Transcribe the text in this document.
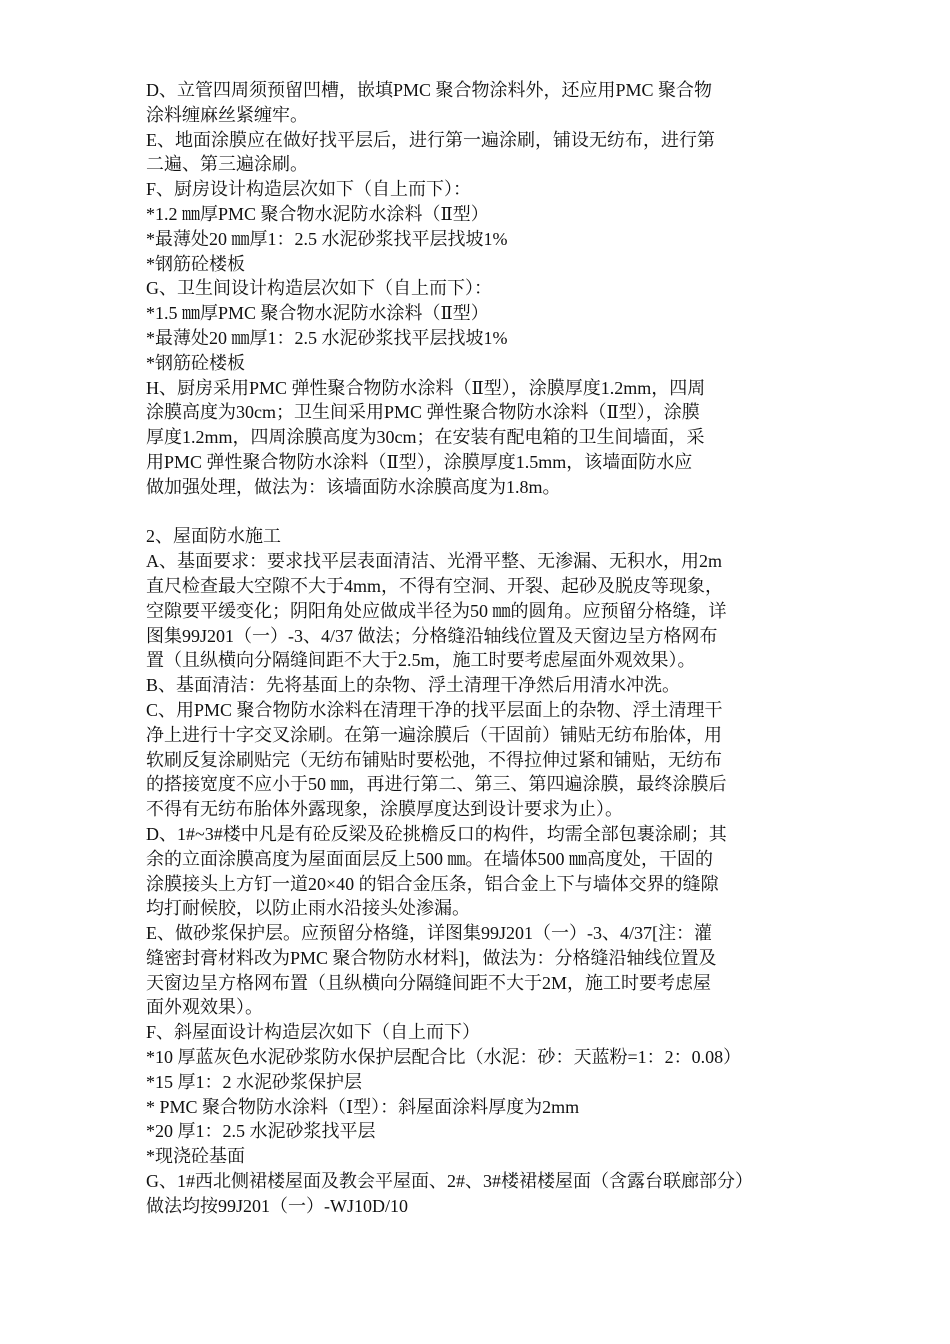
D、立管四周须预留凹槽，嵌填PMC 聚合物涂料外，还应用PMC 聚合物
涂料缠麻丝紧缠牢。
E、地面涂膜应在做好找平层后，进行第一遍涂刷，铺设无纺布，进行第
二遍、第三遍涂刷。
F、厨房设计构造层次如下（自上而下）：
*1.2 ㎜厚PMC 聚合物水泥防水涂料（Ⅱ型）
*最薄处20 ㎜厚1：2.5 水泥砂浆找平层找坡1%
*钢筋砼楼板
G、卫生间设计构造层次如下（自上而下）：
*1.5 ㎜厚PMC 聚合物水泥防水涂料（Ⅱ型）
*最薄处20 ㎜厚1：2.5 水泥砂浆找平层找坡1%
*钢筋砼楼板
H、厨房采用PMC 弹性聚合物防水涂料（Ⅱ型），涂膜厚度1.2mm，四周
涂膜高度为30cm；卫生间采用PMC 弹性聚合物防水涂料（Ⅱ型），涂膜
厚度1.2mm，四周涂膜高度为30cm；在安装有配电箱的卫生间墙面，采
用PMC 弹性聚合物防水涂料（Ⅱ型），涂膜厚度1.5mm，该墙面防水应
做加强处理，做法为：该墙面防水涂膜高度为1.8m。
2、屋面防水施工
A、基面要求：要求找平层表面清洁、光滑平整、无渗漏、无积水，用2m
直尺检查最大空隙不大于4mm，不得有空洞、开裂、起砂及脱皮等现象，
空隙要平缓变化；阴阳角处应做成半径为50 ㎜的圆角。应预留分格缝，详
图集99J201（一）-3、4/37 做法；分格缝沿轴线位置及天窗边呈方格网布
置（且纵横向分隔缝间距不大于2.5m，施工时要考虑屋面外观效果）。
B、基面清洁：先将基面上的杂物、浮土清理干净然后用清水冲洗。
C、用PMC 聚合物防水涂料在清理干净的找平层面上的杂物、浮土清理干
净上进行十字交叉涂刷。在第一遍涂膜后（干固前）铺贴无纺布胎体，用
软刷反复涂刷贴完（无纺布铺贴时要松弛，不得拉伸过紧和铺贴，无纺布
的搭接宽度不应小于50 ㎜，再进行第二、第三、第四遍涂膜，最终涂膜后
不得有无纺布胎体外露现象，涂膜厚度达到设计要求为止）。
D、1#~3#楼中凡是有砼反梁及砼挑檐反口的构件，均需全部包裹涂刷；其
余的立面涂膜高度为屋面面层反上500 ㎜。在墙体500 ㎜高度处，干固的
涂膜接头上方钉一道20×40 的铝合金压条，铝合金上下与墙体交界的缝隙
均打耐候胶，以防止雨水沿接头处渗漏。
E、做砂浆保护层。应预留分格缝，详图集99J201（一）-3、4/37[注：灌
缝密封膏材料改为PMC 聚合物防水材料]，做法为：分格缝沿轴线位置及
天窗边呈方格网布置（且纵横向分隔缝间距不大于2M，施工时要考虑屋
面外观效果）。
F、斜屋面设计构造层次如下（自上而下）
*10 厚蓝灰色水泥砂浆防水保护层配合比（水泥：砂：天蓝粉=1：2：0.08）
*15 厚1：2 水泥砂浆保护层
* PMC 聚合物防水涂料（Ⅰ型）：斜屋面涂料厚度为2mm
*20 厚1：2.5 水泥砂浆找平层
*现浇砼基面
G、1#西北侧裙楼屋面及教会平屋面、2#、3#楼裙楼屋面（含露台联廊部分）
做法均按99J201（一）-WJ10D/10
